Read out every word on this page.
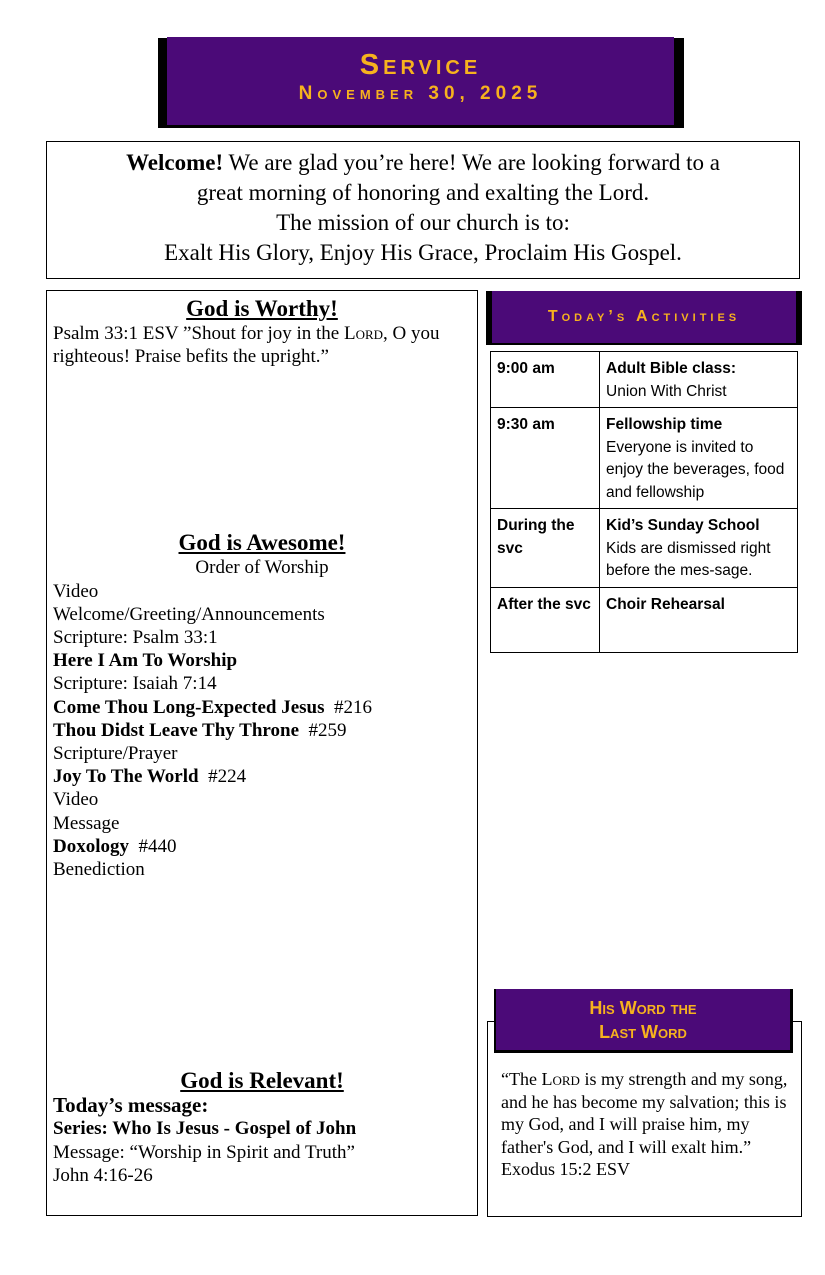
Service
November 30, 2025
Welcome! We are glad you’re here! We are looking forward to a
great morning of honoring and exalting the Lord.
The mission of our church is to:
Exalt His Glory, Enjoy His Grace, Proclaim His Gospel.
God is Worthy!
Psalm 33:1 ESV ”Shout for joy in the Lord, O you righteous! Praise befits the upright.”
God is Awesome!
Order of Worship
Video
Welcome/Greeting/Announcements
Scripture: Psalm 33:1
Here I Am To Worship
Scripture: Isaiah 7:14
Come Thou Long-Expected Jesus  #216
Thou Didst Leave Thy Throne  #259
Scripture/Prayer
Joy To The World  #224
Video
Message
Doxology  #440
Benediction
God is Relevant!
Today’s message:
Series: Who Is Jesus - Gospel of John
Message: “Worship in Spirit and Truth”
John 4:16-26
Today’s Activities
9:00 am	Adult Bible class:
Union With Christ

9:30 am	Fellowship time
Everyone is invited to enjoy the beverages, food and fellowship

During the svc	Kid’s Sunday School
Kids are dismissed right before the mes-sage.

After the svc	Choir Rehearsal
His Word the
Last Word
“The Lord is my strength and my song, and he has become my salvation; this is my God, and I will praise him, my father's God, and I will exalt him.”
Exodus 15:2 ESV
